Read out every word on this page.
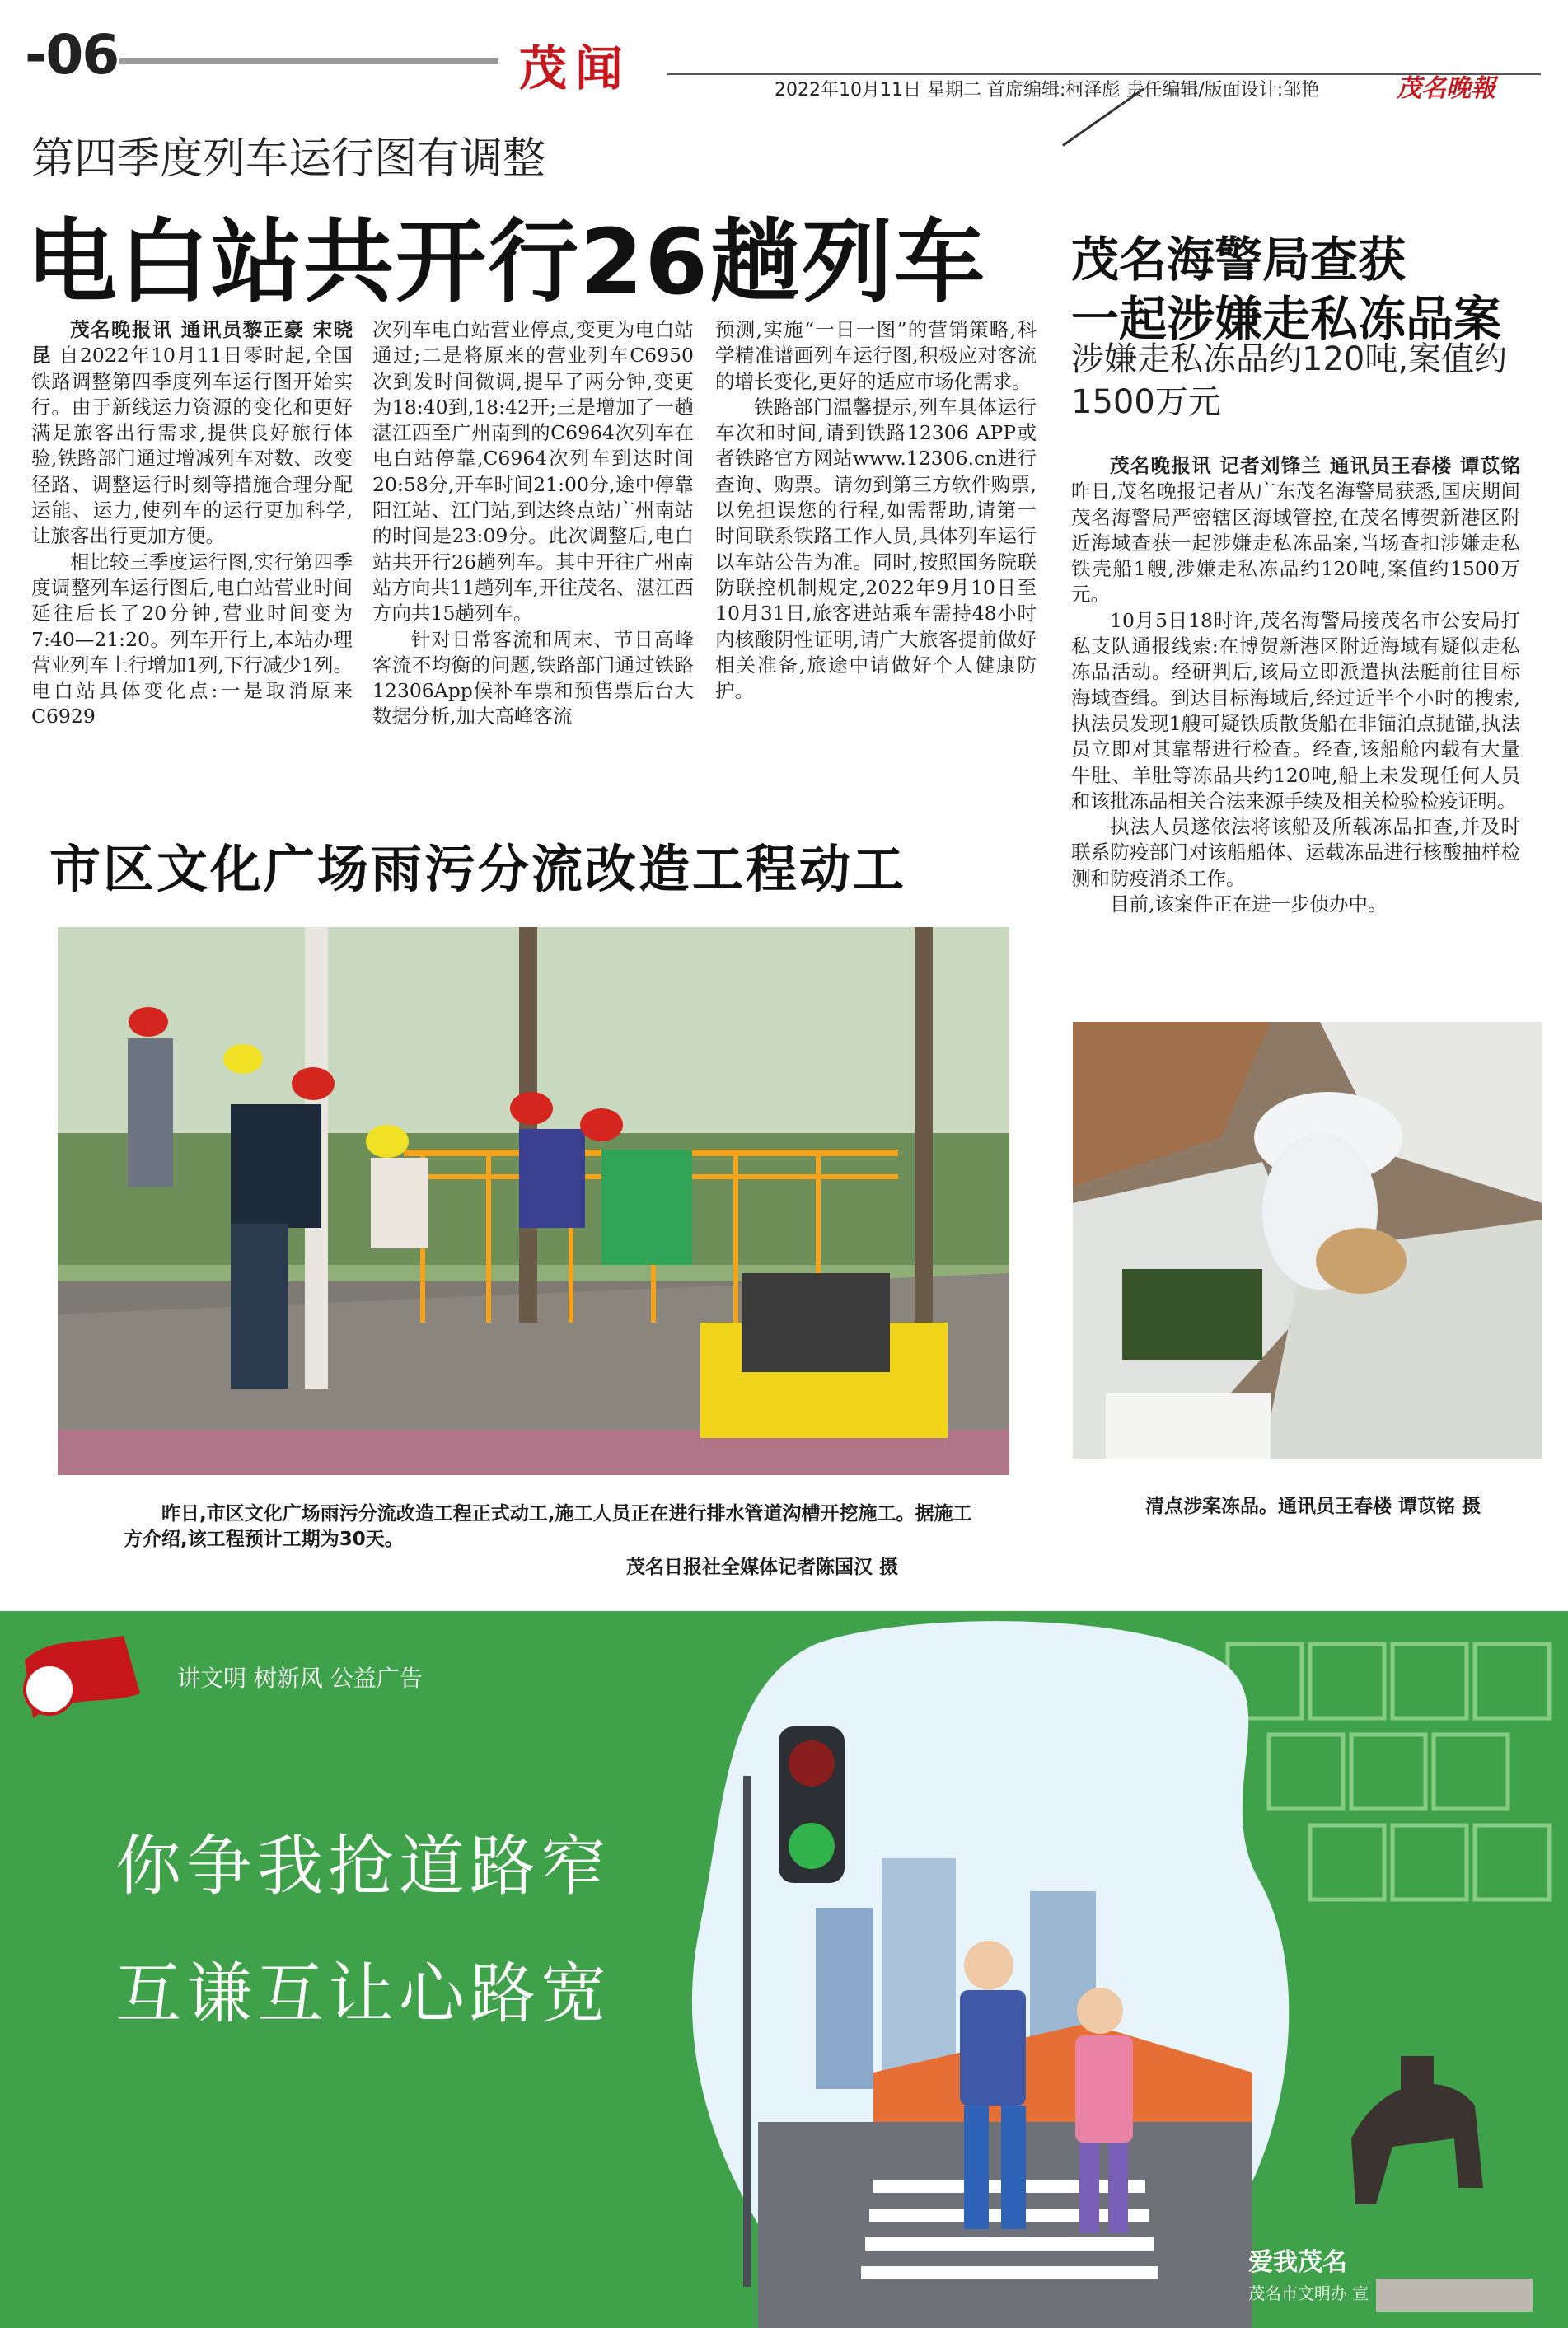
-06	茂闻	2022年10月11日 星期二 首席编辑:柯泽彪 责任编辑/版面设计:邹艳	茂名晚報
第四季度列车运行图有调整
电白站共开行26趟列车

茂名晚报讯 通讯员黎正豪 宋晓昆 自2022年10月11日零时起,全国铁路调整第四季度列车运行图开始实行。由于新线运力资源的变化和更好满足旅客出行需求,提供良好旅行体验,铁路部门通过增减列车对数、改变径路、调整运行时刻等措施合理分配运能、运力,使列车的运行更加科学,让旅客出行更加方便。

相比较三季度运行图,实行第四季度调整列车运行图后,电白站营业时间延往后长了20分钟,营业时间变为7:40—21:20。列车开行上,本站办理营业列车上行增加1列,下行减少1列。电白站具体变化点:一是取消原来C6929

次列车电白站营业停点,变更为电白站通过;二是将原来的营业列车C6950次到发时间微调,提早了两分钟,变更为18:40到,18:42开;三是增加了一趟湛江西至广州南到的C6964次列车在电白站停靠,C6964次列车到达时间20:58分,开车时间21:00分,途中停靠阳江站、江门站,到达终点站广州南站的时间是23:09分。此次调整后,电白站共开行26趟列车。其中开往广州南站方向共11趟列车,开往茂名、湛江西方向共15趟列车。

针对日常客流和周末、节日高峰客流不均衡的问题,铁路部门通过铁路12306App候补车票和预售票后台大数据分析,加大高峰客流

预测,实施“一日一图”的营销策略,科学精准谱画列车运行图,积极应对客流的增长变化,更好的适应市场化需求。

铁路部门温馨提示,列车具体运行车次和时间,请到铁路12306 APP或者铁路官方网站www.12306.cn进行查询、购票。请勿到第三方软件购票,以免担误您的行程,如需帮助,请第一时间联系铁路工作人员,具体列车运行以车站公告为准。同时,按照国务院联防联控机制规定,2022年9月10日至10月31日,旅客进站乘车需持48小时内核酸阴性证明,请广大旅客提前做好相关准备,旅途中请做好个人健康防护。

市区文化广场雨污分流改造工程动工
昨日,市区文化广场雨污分流改造工程正式动工,施工人员正在进行排水管道沟槽开挖施工。据施工方介绍,该工程预计工期为30天。
茂名日报社全媒体记者陈国汉 摄
茂名海警局查获
一起涉嫌走私冻品案
涉嫌走私冻品约120吨,案值约1500万元

茂名晚报讯 记者刘锋兰 通讯员王春楼 谭苡铭 昨日,茂名晚报记者从广东茂名海警局获悉,国庆期间茂名海警局严密辖区海域管控,在茂名博贺新港区附近海域查获一起涉嫌走私冻品案,当场查扣涉嫌走私铁壳船1艘,涉嫌走私冻品约120吨,案值约1500万元。

10月5日18时许,茂名海警局接茂名市公安局打私支队通报线索:在博贺新港区附近海域有疑似走私冻品活动。经研判后,该局立即派遣执法艇前往目标海域查缉。到达目标海域后,经过近半个小时的搜索,执法员发现1艘可疑铁质散货船在非锚泊点抛锚,执法员立即对其靠帮进行检查。经查,该船舱内载有大量牛肚、羊肚等冻品共约120吨,船上未发现任何人员和该批冻品相关合法来源手续及相关检验检疫证明。

执法人员遂依法将该船及所载冻品扣查,并及时联系防疫部门对该船船体、运载冻品进行核酸抽样检测和防疫消杀工作。

目前,该案件正在进一步侦办中。

清点涉案冻品。通讯员王春楼 谭苡铭 摄
讲文明 树新风 公益广告
你争我抢道路窄
互谦互让心路宽
爱我茂名
茂名市文明办 宣
